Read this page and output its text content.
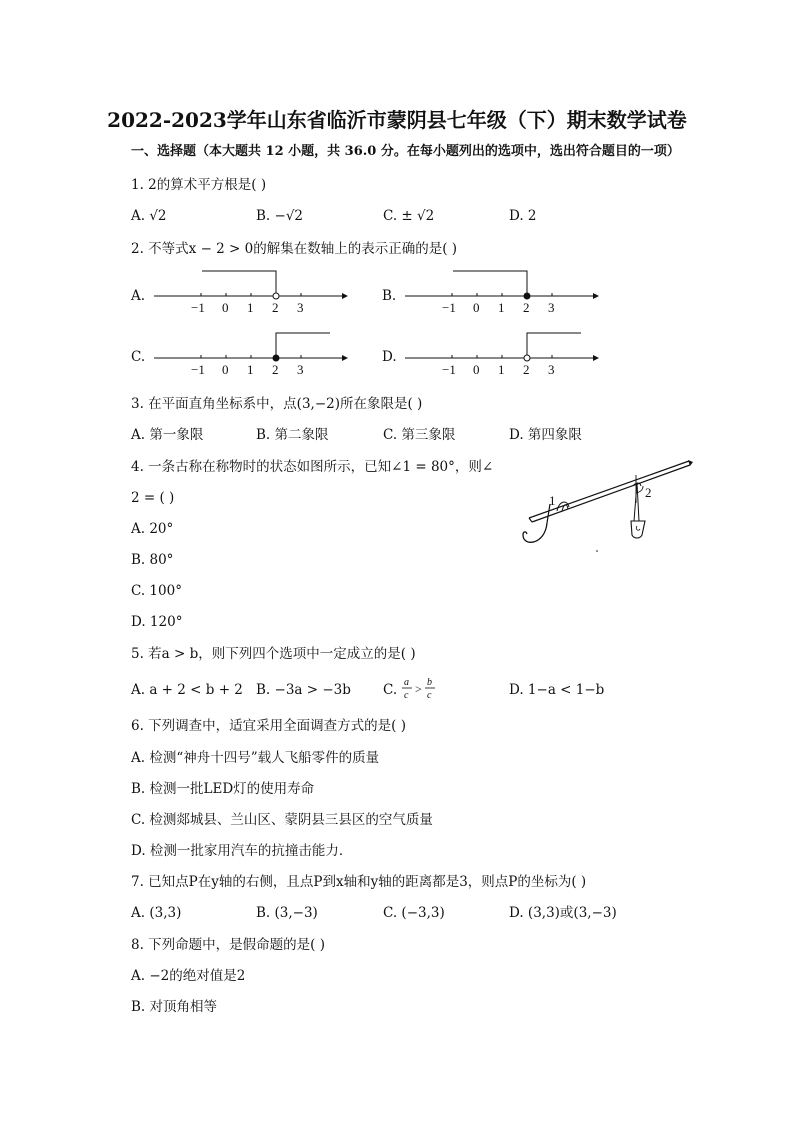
2022-2023学年山东省临沂市蒙阴县七年级（下）期末数学试卷
一、选择题（本大题共 12 小题，共 36.0 分。在每小题列出的选项中，选出符合题目的一项）
1. 2的算术平方根是( )
A. √2	B. −√2	C. ± √2	D. 2
2. 不等式x − 2 > 0的解集在数轴上的表示正确的是( )
A.
−1 0 1 2 3
B.
−1 0 1 2 3
C.
−1 0 1 2 3
D.
−1 0 1 2 3
3. 在平面直角坐标系中，点(3,−2)所在象限是( )
A. 第一象限	B. 第二象限	C. 第三象限	D. 第四象限
4. 一条古称在称物时的状态如图所示，已知∠1 = 80°，则∠
2 = ( )
A. 20°
B. 80°
C. 100°
D. 120°
1
2
5. 若a > b，则下列四个选项中一定成立的是( )
A. a + 2 < b + 2 B. −3a > −3b C. a
c > b
c	D. 1−a < 1−b
6. 下列调查中，适宜采用全面调查方式的是( )
A. 检测“神舟十四号”载人飞船零件的质量
B. 检测一批LED灯的使用寿命
C. 检测郯城县、兰山区、蒙阴县三县区的空气质量
D. 检测一批家用汽车的抗撞击能力．
7. 已知点P在y轴的右侧，且点P到x轴和y轴的距离都是3，则点P的坐标为( )
A. (3,3)	B. (3,−3)	C. (−3,3)	D. (3,3)或(3,−3)
8. 下列命题中，是假命题的是( )
A. −2的绝对值是2
B. 对顶角相等
